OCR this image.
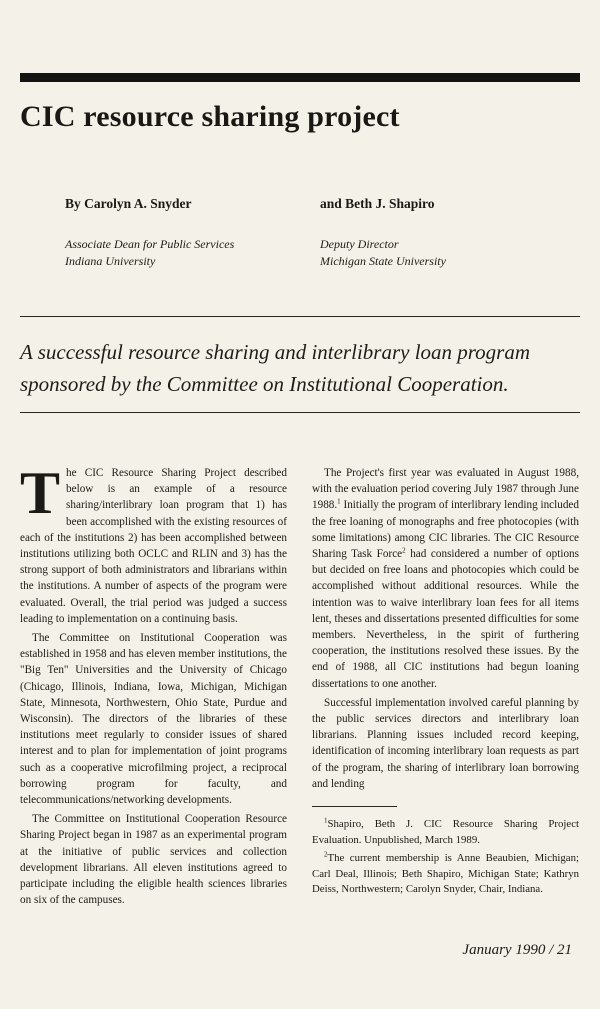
CIC resource sharing project
By Carolyn A. Snyder
Associate Dean for Public Services
Indiana University
and Beth J. Shapiro
Deputy Director
Michigan State University

A successful resource sharing and interlibrary loan program sponsored by the Committee on Institutional Cooperation.

The CIC Resource Sharing Project described below is an example of a resource sharing/interlibrary loan program that 1) has been accomplished with the existing resources of each of the institutions 2) has been accomplished between institutions utilizing both OCLC and RLIN and 3) has the strong support of both administrators and librarians within the institutions. A number of aspects of the program were evaluated. Overall, the trial period was judged a success leading to implementation on a continuing basis.

The Committee on Institutional Cooperation was established in 1958 and has eleven member institutions, the "Big Ten" Universities and the University of Chicago (Chicago, Illinois, Indiana, Iowa, Michigan, Michigan State, Minnesota, Northwestern, Ohio State, Purdue and Wisconsin). The directors of the libraries of these institutions meet regularly to consider issues of shared interest and to plan for implementation of joint programs such as a cooperative microfilming project, a reciprocal borrowing program for faculty, and telecommunications/networking developments.

The Committee on Institutional Cooperation Resource Sharing Project began in 1987 as an experimental program at the initiative of public services and collection development librarians. All eleven institutions agreed to participate including the eligible health sciences libraries on six of the campuses.

The Project's first year was evaluated in August 1988, with the evaluation period covering July 1987 through June 1988.$^1$ Initially the program of interlibrary lending included the free loaning of monographs and free photocopies (with some limitations) among CIC libraries. The CIC Resource Sharing Task Force$^2$ had considered a number of options but decided on free loans and photocopies which could be accomplished without additional resources. While the intention was to waive interlibrary loan fees for all items lent, theses and dissertations presented difficulties for some members. Nevertheless, in the spirit of furthering cooperation, the institutions resolved these issues. By the end of 1988, all CIC institutions had begun loaning dissertations to one another.

Successful implementation involved careful planning by the public services directors and interlibrary loan librarians. Planning issues included record keeping, identification of incoming interlibrary loan requests as part of the program, the sharing of interlibrary loan borrowing and lending

$^1$Shapiro, Beth J. CIC Resource Sharing Project Evaluation. Unpublished, March 1989.

$^2$The current membership is Anne Beaubien, Michigan; Carl Deal, Illinois; Beth Shapiro, Michigan State; Kathryn Deiss, Northwestern; Carolyn Snyder, Chair, Indiana.

January 1990 / 21
